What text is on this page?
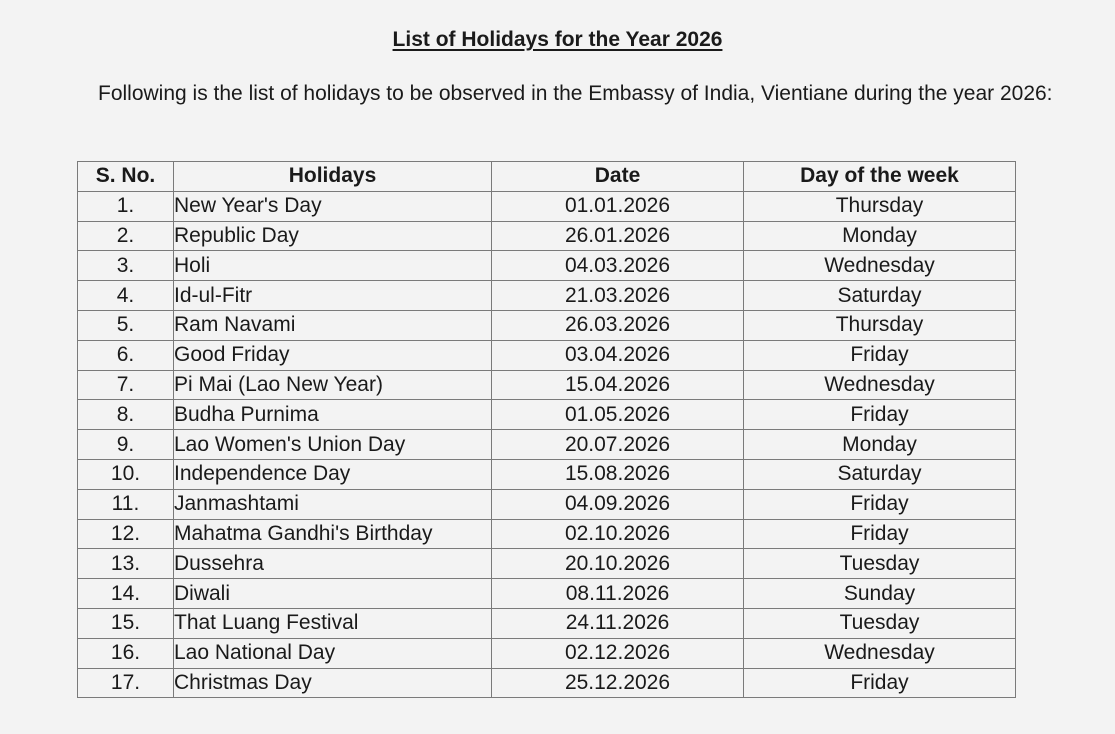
List of Holidays for the Year 2026

Following is the list of holidays to be observed in the Embassy of India, Vientiane during the year 2026:

S. No.	Holidays	Date	Day of the week
1.	New Year's Day	01.01.2026	Thursday
2.	Republic Day	26.01.2026	Monday
3.	Holi	04.03.2026	Wednesday
4.	Id-ul-Fitr	21.03.2026	Saturday
5.	Ram Navami	26.03.2026	Thursday
6.	Good Friday	03.04.2026	Friday
7.	Pi Mai (Lao New Year)	15.04.2026	Wednesday
8.	Budha Purnima	01.05.2026	Friday
9.	Lao Women's Union Day	20.07.2026	Monday
10.	Independence Day	15.08.2026	Saturday
11.	Janmashtami	04.09.2026	Friday
12.	Mahatma Gandhi's Birthday	02.10.2026	Friday
13.	Dussehra	20.10.2026	Tuesday
14.	Diwali	08.11.2026	Sunday
15.	That Luang Festival	24.11.2026	Tuesday
16.	Lao National Day	02.12.2026	Wednesday
17.	Christmas Day	25.12.2026	Friday
